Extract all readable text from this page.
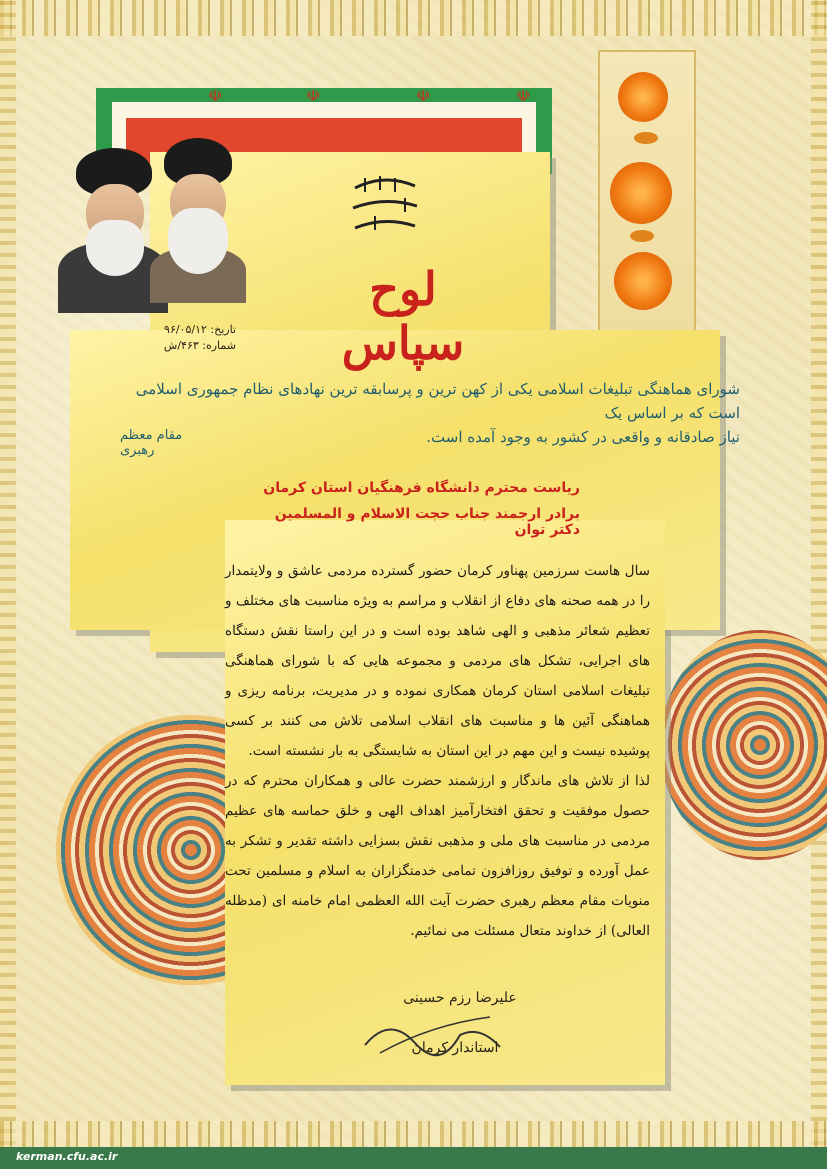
☫	☫	☫	☫
تاریخ: ۹۶/۰۵/۱۲
شماره: ۴۶۳/ش
لوح سپاس
شورای هماهنگی تبلیغات اسلامی یکی از کهن ترین و پرسابقه ترین نهادهای نظام جمهوری اسلامی است که بر اساس یک
نیاز صادقانه و واقعی در کشور به وجود آمده است.
مقام معظم رهبری
ریاست محترم دانشگاه فرهنگیان استان کرمان
برادر ارجمند جناب حجت الاسلام و المسلمین دکتر توان

سال هاست سرزمین پهناور کرمان حضور گسترده مردمی عاشق و ولایتمدار را در همه صحنه های دفاع از انقلاب و مراسم به ویژه مناسبت های مختلف و تعظیم شعائر مذهبی و الهی شاهد بوده است و در این راستا نقش دستگاه های اجرایی، تشکل های مردمی و مجموعه هایی که با شورای هماهنگی تبلیغات اسلامی استان کرمان همکاری نموده و در مدیریت، برنامه ریزی و هماهنگی آئین ها و مناسبت های انقلاب اسلامی تلاش می کنند بر کسی پوشیده نیست و این مهم در این استان به شایستگی به بار نشسته است.

لذا از تلاش های ماندگار و ارزشمند حضرت عالی و همکاران محترم که در حصول موفقیت و تحقق افتخارآمیز اهداف الهی و خلق حماسه های عظیم مردمی در مناسبت های ملی و مذهبی نقش بسزایی داشته تقدیر و تشکر به عمل آورده و توفیق روزافزون تمامی خدمتگزاران به اسلام و مسلمین تحت منویات مقام معظم رهبری حضرت آیت الله العظمی امام خامنه ای (مدظله العالی) از خداوند متعال مسئلت می نمائیم.

علیرضا رزم حسینی
استاندار کرمان
kerman.cfu.ac.ir
